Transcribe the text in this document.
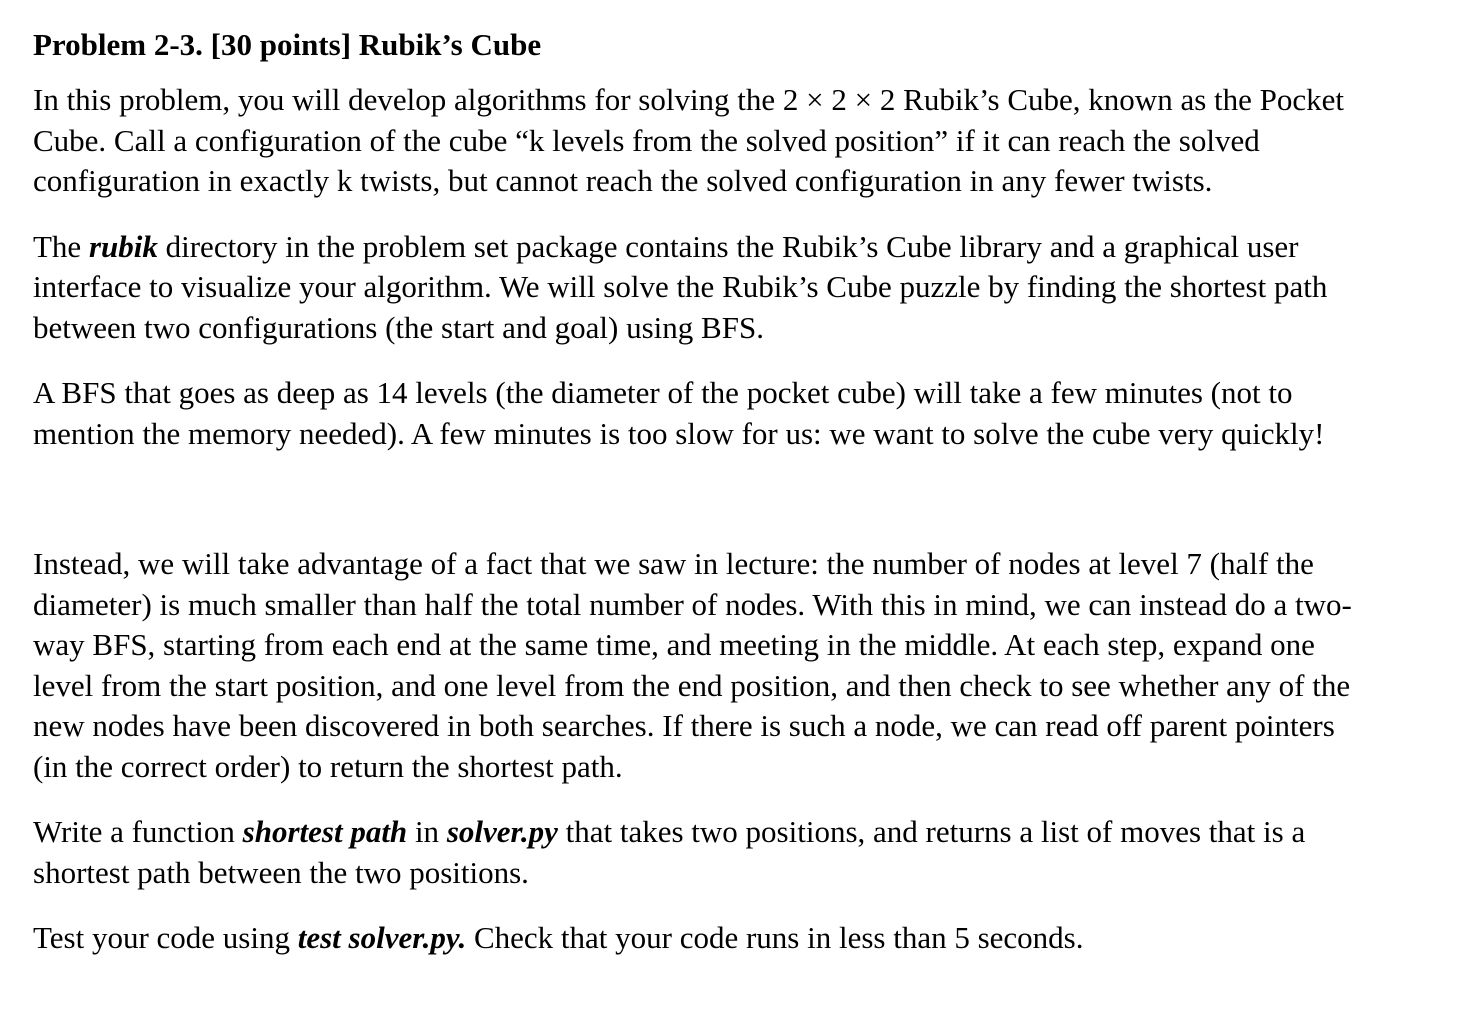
Problem 2-3. [30 points] Rubik’s Cube

In this problem, you will develop algorithms for solving the 2 × 2 × 2 Rubik’s Cube, known as the Pocket
Cube. Call a configuration of the cube “k levels from the solved position” if it can reach the solved
configuration in exactly k twists, but cannot reach the solved configuration in any fewer twists.

The rubik directory in the problem set package contains the Rubik’s Cube library and a graphical user
interface to visualize your algorithm. We will solve the Rubik’s Cube puzzle by finding the shortest path
between two configurations (the start and goal) using BFS.

A BFS that goes as deep as 14 levels (the diameter of the pocket cube) will take a few minutes (not to
mention the memory needed). A few minutes is too slow for us: we want to solve the cube very quickly!

Instead, we will take advantage of a fact that we saw in lecture: the number of nodes at level 7 (half the
diameter) is much smaller than half the total number of nodes. With this in mind, we can instead do a two-
way BFS, starting from each end at the same time, and meeting in the middle. At each step, expand one
level from the start position, and one level from the end position, and then check to see whether any of the
new nodes have been discovered in both searches. If there is such a node, we can read off parent pointers
(in the correct order) to return the shortest path.

Write a function shortest path in solver.py that takes two positions, and returns a list of moves that is a
shortest path between the two positions.

Test your code using test solver.py. Check that your code runs in less than 5 seconds.
